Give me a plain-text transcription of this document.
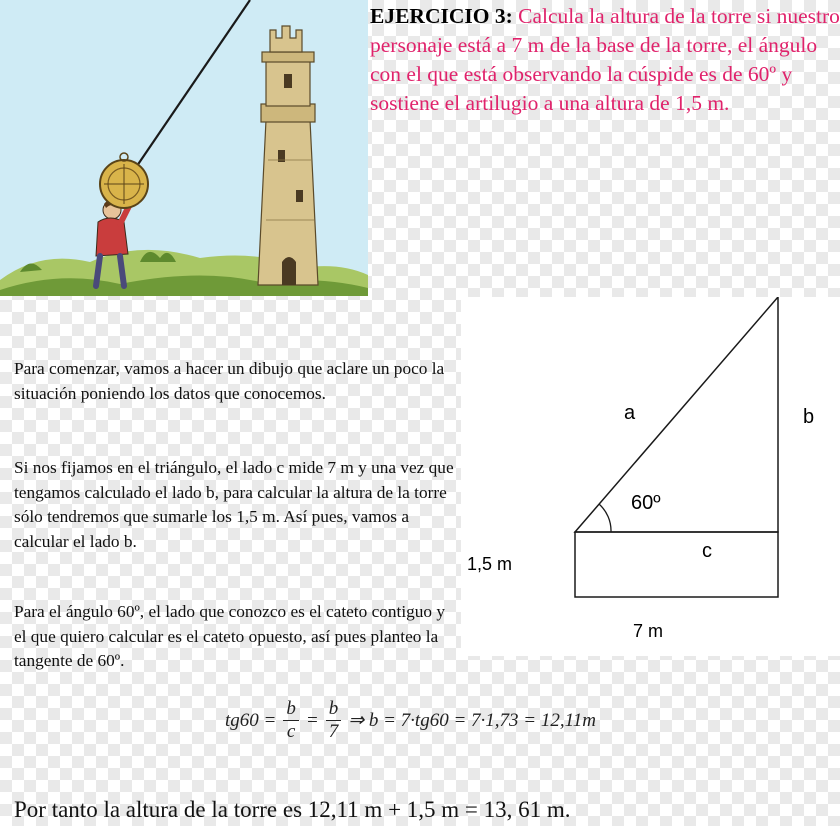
EJERCICIO 3: Calcula la altura de la torre si nuestro personaje está a 7 m de la base de la torre, el ángulo con el que está observando la cúspide es de 60º y sostiene el artilugio a una altura de 1,5 m.
a	b
c
60º
1,5 m
7 m
Para comenzar, vamos a hacer un dibujo que aclare un poco la situación poniendo los datos que conocemos.
Si nos fijamos en el triángulo, el lado c mide 7 m y una vez que tengamos calculado el lado b, para calcular la altura de la torre sólo tendremos que sumarle los 1,5 m. Así pues, vamos a calcular el lado b.
Para el ángulo 60º, el lado que conozco es el cateto contiguo y el que quiero calcular es el cateto opuesto, así pues planteo la tangente de 60º.
$tg60 = \frac{b}{c} = \frac{b}{7}$ ⇒ b = 7·tg60 = 7·1,73 = 12,11m
Por tanto la altura de la torre es 12,11 m + 1,5 m = 13, 61 m.
